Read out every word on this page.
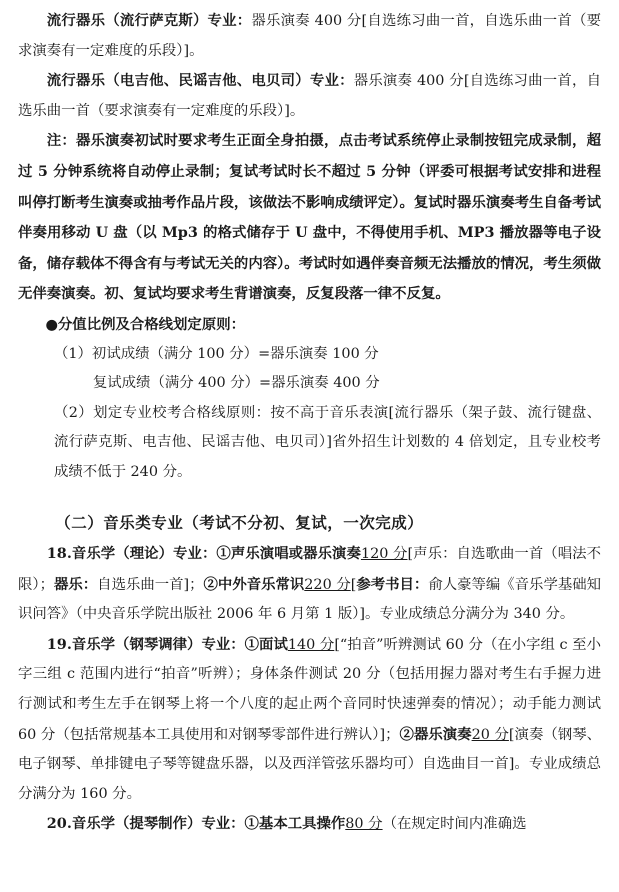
流行器乐（流行萨克斯）专业：器乐演奏 400 分[自选练习曲一首，自选乐曲一首（要求演奏有一定难度的乐段）]。

流行器乐（电吉他、民谣吉他、电贝司）专业：器乐演奏 400 分[自选练习曲一首，自选乐曲一首（要求演奏有一定难度的乐段）]。

注：器乐演奏初试时要求考生正面全身拍摄，点击考试系统停止录制按钮完成录制，超过 5 分钟系统将自动停止录制；复试考试时长不超过 5 分钟（评委可根据考试安排和进程叫停打断考生演奏或抽考作品片段，该做法不影响成绩评定）。复试时器乐演奏考生自备考试伴奏用移动 U 盘（以 Mp3 的格式储存于 U 盘中，不得使用手机、MP3 播放器等电子设备，储存载体不得含有与考试无关的内容）。考试时如遇伴奏音频无法播放的情况，考生须做无伴奏演奏。初、复试均要求考生背谱演奏，反复段落一律不反复。

●分值比例及合格线划定原则：

（1）初试成绩（满分 100 分）=器乐演奏 100 分

复试成绩（满分 400 分）=器乐演奏 400 分

（2）划定专业校考合格线原则：按不高于音乐表演[流行器乐（架子鼓、流行键盘、流行萨克斯、电吉他、民谣吉他、电贝司）]省外招生计划数的 4 倍划定，且专业校考成绩不低于 240 分。

（二）音乐类专业（考试不分初、复试，一次完成）

18.音乐学（理论）专业：①声乐演唱或器乐演奏120 分[声乐：自选歌曲一首（唱法不限）；器乐：自选乐曲一首]；②中外音乐常识220 分[参考书目：俞人豪等编《音乐学基础知识问答》（中央音乐学院出版社 2006 年 6 月第 1 版）]。专业成绩总分满分为 340 分。

19.音乐学（钢琴调律）专业：①面试140 分[“拍音”听辨测试 60 分（在小字组 c 至小字三组 c 范围内进行“拍音”听辨）；身体条件测试 20 分（包括用握力器对考生右手握力进行测试和考生左手在钢琴上将一个八度的起止两个音同时快速弹奏的情况）；动手能力测试 60 分（包括常规基本工具使用和对钢琴零部件进行辨认）]；②器乐演奏20 分[演奏（钢琴、电子钢琴、单排键电子琴等键盘乐器，以及西洋管弦乐器均可）自选曲目一首]。专业成绩总分满分为 160 分。

20.音乐学（提琴制作）专业：①基本工具操作80 分（在规定时间内准确选
